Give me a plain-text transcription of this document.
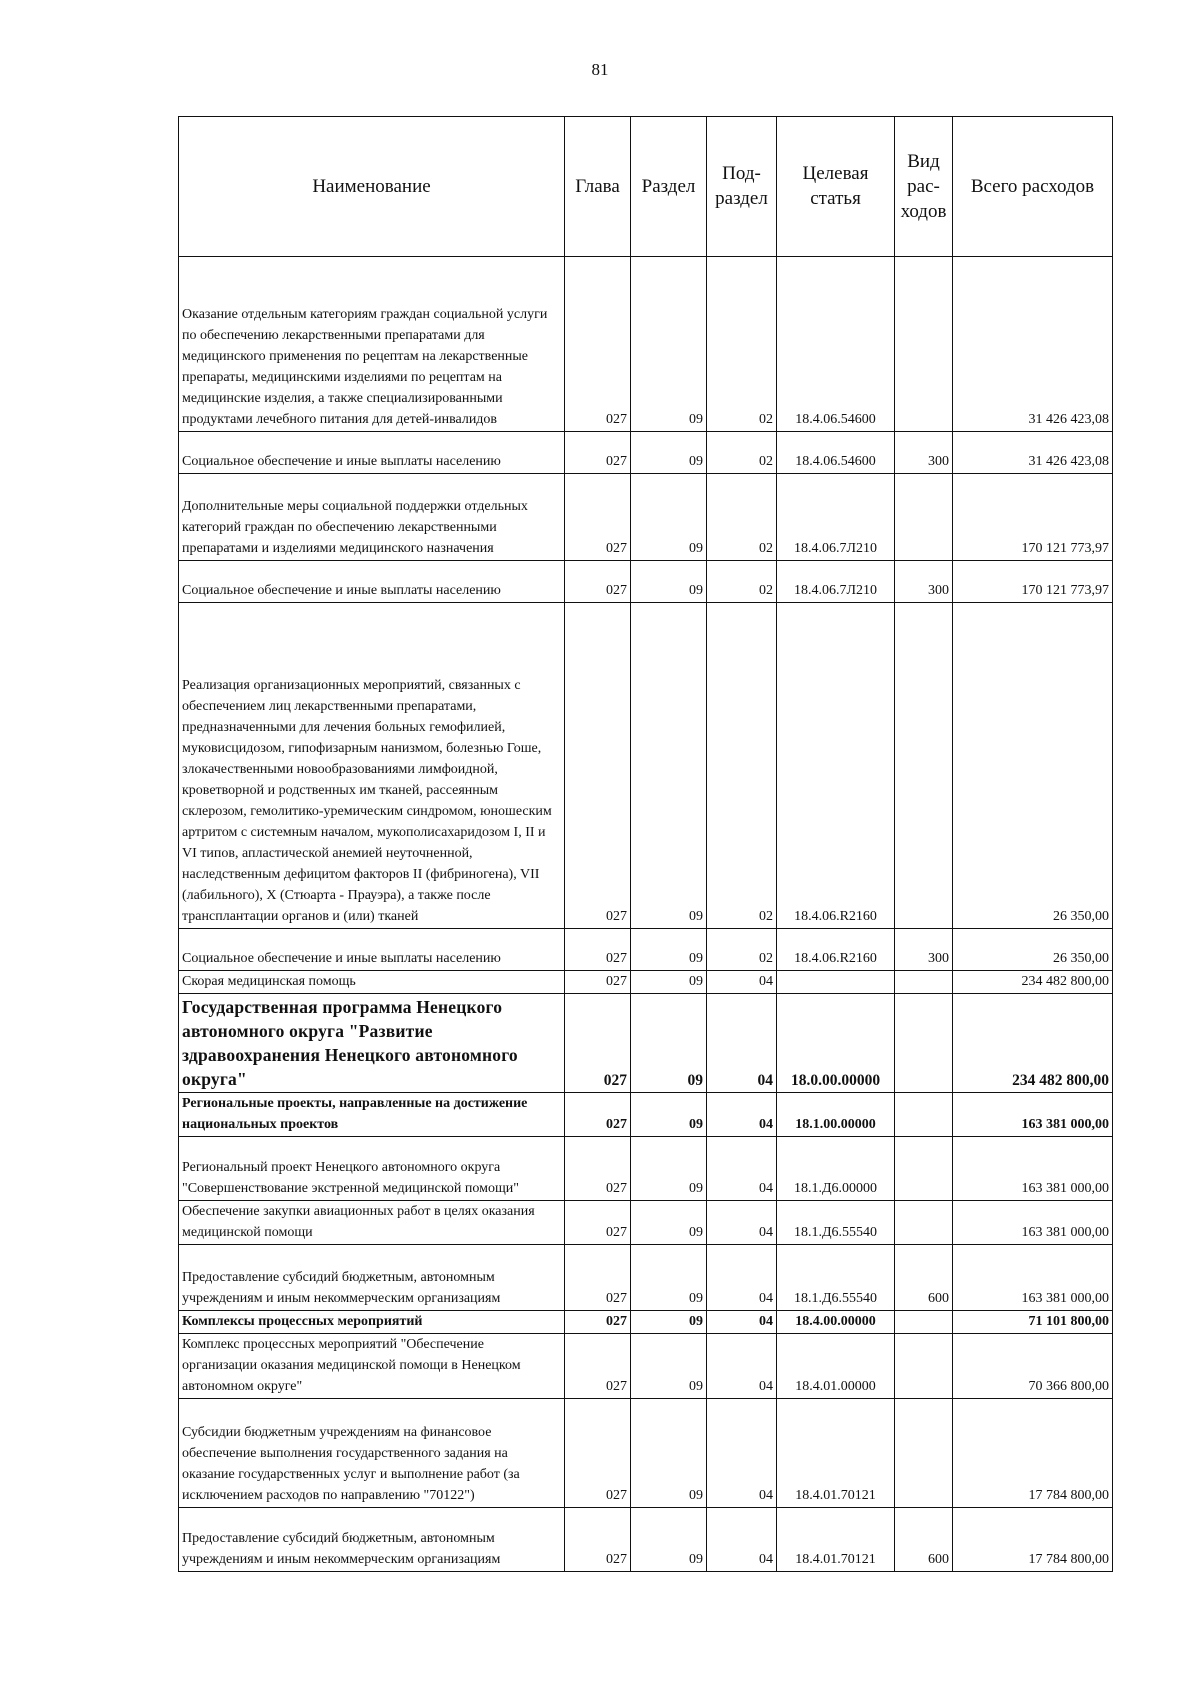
81
Наименование	Глава	Раздел	Под-раздел	Целевая статья	Вид рас-ходов	Всего расходов
Оказание отдельным категориям граждан социальной услуги по обеспечению лекарственными препаратами для медицинского применения по рецептам на лекарственные препараты, медицинскими изделиями по рецептам на медицинские изделия, а также специализированными продуктами лечебного питания для детей-инвалидов	027	09	02	18.4.06.54600		31 426 423,08
Социальное обеспечение и иные выплаты населению	027	09	02	18.4.06.54600	300	31 426 423,08
Дополнительные меры социальной поддержки отдельных категорий граждан по обеспечению лекарственными препаратами и изделиями медицинского назначения	027	09	02	18.4.06.7Л210		170 121 773,97
Социальное обеспечение и иные выплаты населению	027	09	02	18.4.06.7Л210	300	170 121 773,97
Реализация организационных мероприятий, связанных с обеспечением лиц лекарственными препаратами, предназначенными для лечения больных гемофилией, муковисцидозом, гипофизарным нанизмом, болезнью Гоше, злокачественными новообразованиями лимфоидной, кроветворной и родственных им тканей, рассеянным склерозом, гемолитико-уремическим синдромом, юношеским артритом с системным началом, мукополисахаридозом I, II и VI типов, апластической анемией неуточненной, наследственным дефицитом факторов II (фибриногена), VII (лабильного), X (Стюарта - Прауэра), а также после трансплантации органов и (или) тканей	027	09	02	18.4.06.R2160		26 350,00
Социальное обеспечение и иные выплаты населению	027	09	02	18.4.06.R2160	300	26 350,00
Скорая медицинская помощь	027	09	04			234 482 800,00
Государственная программа Ненецкого автономного округа "Развитие здравоохранения Ненецкого автономного округа"	027	09	04	18.0.00.00000		234 482 800,00
Региональные проекты, направленные на достижение национальных проектов	027	09	04	18.1.00.00000		163 381 000,00
Региональный проект Ненецкого автономного округа "Совершенствование экстренной медицинской помощи"	027	09	04	18.1.Д6.00000		163 381 000,00
Обеспечение закупки авиационных работ в целях оказания медицинской помощи	027	09	04	18.1.Д6.55540		163 381 000,00
Предоставление субсидий бюджетным, автономным учреждениям и иным некоммерческим организациям	027	09	04	18.1.Д6.55540	600	163 381 000,00
Комплексы процессных мероприятий	027	09	04	18.4.00.00000		71 101 800,00
Комплекс процессных мероприятий "Обеспечение организации оказания медицинской помощи в Ненецком автономном округе"	027	09	04	18.4.01.00000		70 366 800,00
Субсидии бюджетным учреждениям на финансовое обеспечение выполнения государственного задания на оказание государственных услуг и выполнение работ (за исключением расходов по направлению "70122")	027	09	04	18.4.01.70121		17 784 800,00
Предоставление субсидий бюджетным, автономным учреждениям и иным некоммерческим организациям	027	09	04	18.4.01.70121	600	17 784 800,00
